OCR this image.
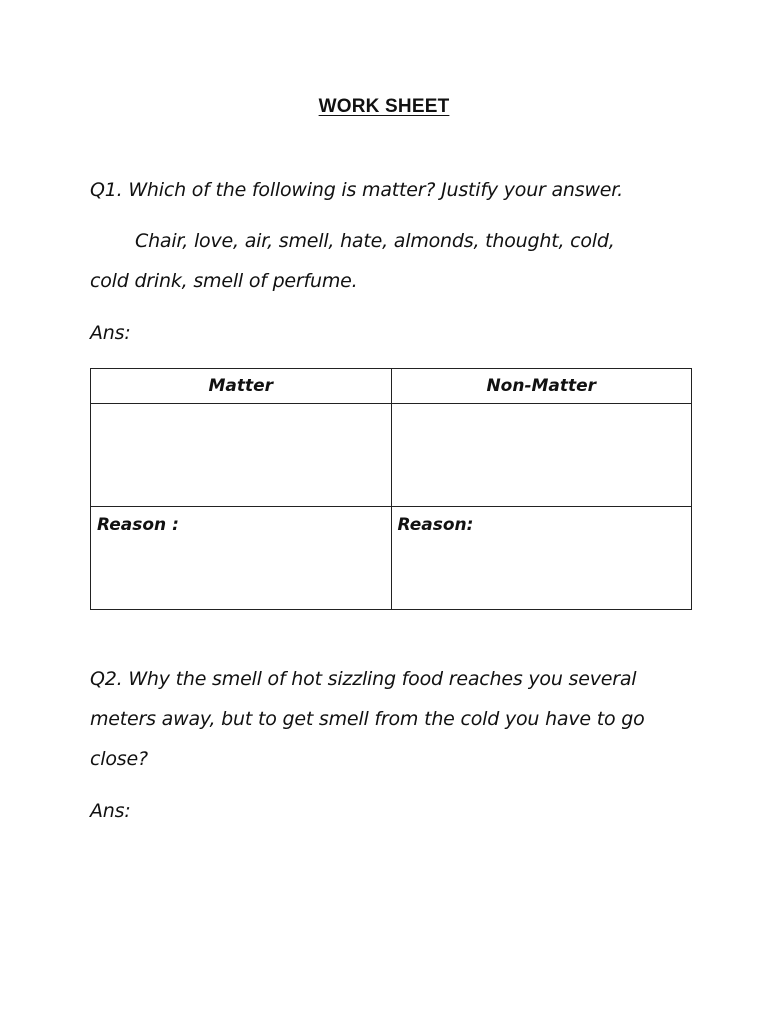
WORK SHEET
Q1. Which of the following is matter? Justify your answer.
Chair, love, air, smell, hate, almonds, thought, cold,
cold drink, smell of perfume.
Ans:
Matter	Non-Matter

Reason :	Reason:
Q2. Why the smell of hot sizzling food reaches you several
meters away, but to get smell from the cold you have to go
close?
Ans:
